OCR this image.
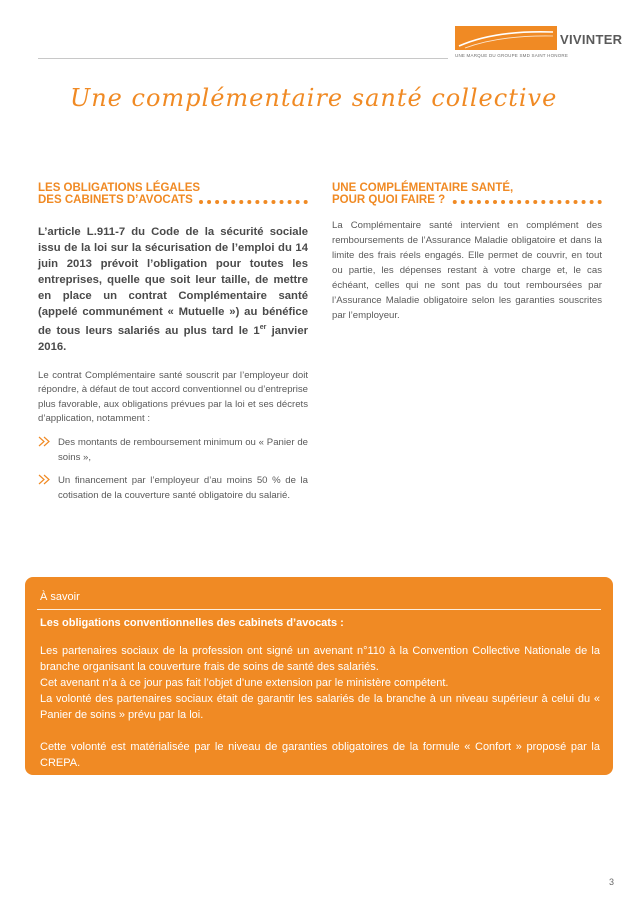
VIVINTER
UNE MARQUE DU GROUPE SMD SAINT HONORE
Une complémentaire santé collective
LES OBLIGATIONS LÉGALES
DES CABINETS D’AVOCATS
L’article L.911-7 du Code de la sécurité sociale issu de la loi sur la sécurisation de l’emploi du 14 juin 2013 prévoit l’obligation pour toutes les entreprises, quelle que soit leur taille, de mettre en place un contrat Complémentaire santé (appelé communément « Mutuelle ») au bénéfice de tous leurs salariés au plus tard le 1er janvier 2016.
Le contrat Complémentaire santé souscrit par l’employeur doit répondre, à défaut de tout accord conventionnel ou d’entreprise plus favorable, aux obligations prévues par la loi et ses décrets d’application, notamment :
Des montants de remboursement minimum ou « Panier de soins »,
Un financement par l’employeur d’au moins 50 % de la cotisation de la couverture santé obligatoire du salarié.
UNE COMPLÉMENTAIRE SANTÉ,
POUR QUOI FAIRE ?
La Complémentaire santé intervient en complément des remboursements de l’Assurance Maladie obligatoire et dans la limite des frais réels engagés. Elle permet de couvrir, en tout ou partie, les dépenses restant à votre charge et, le cas échéant, celles qui ne sont pas du tout remboursées par l’Assurance Maladie obligatoire selon les garanties souscrites par l’employeur.
À savoir
Les obligations conventionnelles des cabinets d’avocats :

Les partenaires sociaux de la profession ont signé un avenant n°110 à la Convention Collective Nationale de la branche organisant la couverture frais de soins de santé des salariés.

Cet avenant n’a à ce jour pas fait l’objet d’une extension par le ministère compétent.

La volonté des partenaires sociaux était de garantir les salariés de la branche à un niveau supérieur à celui du « Panier de soins » prévu par la loi.

Cette volonté est matérialisée par le niveau de garanties obligatoires de la formule « Confort » proposé par la CREPA.

3
